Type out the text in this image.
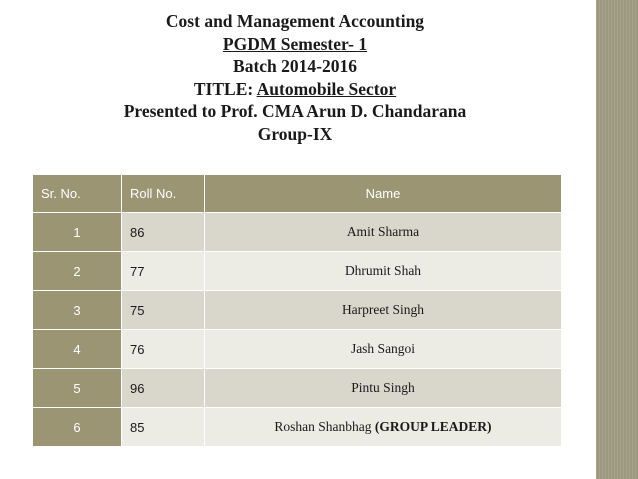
Cost and Management Accounting
PGDM Semester- 1
Batch 2014-2016
TITLE: Automobile Sector
Presented to Prof. CMA Arun D. Chandarana
Group-IX
Sr. No.	Roll No.	Name
1	86	Amit Sharma
2	77	Dhrumit Shah
3	75	Harpreet Singh
4	76	Jash Sangoi
5	96	Pintu Singh
6	85	Roshan Shanbhag (GROUP LEADER)
